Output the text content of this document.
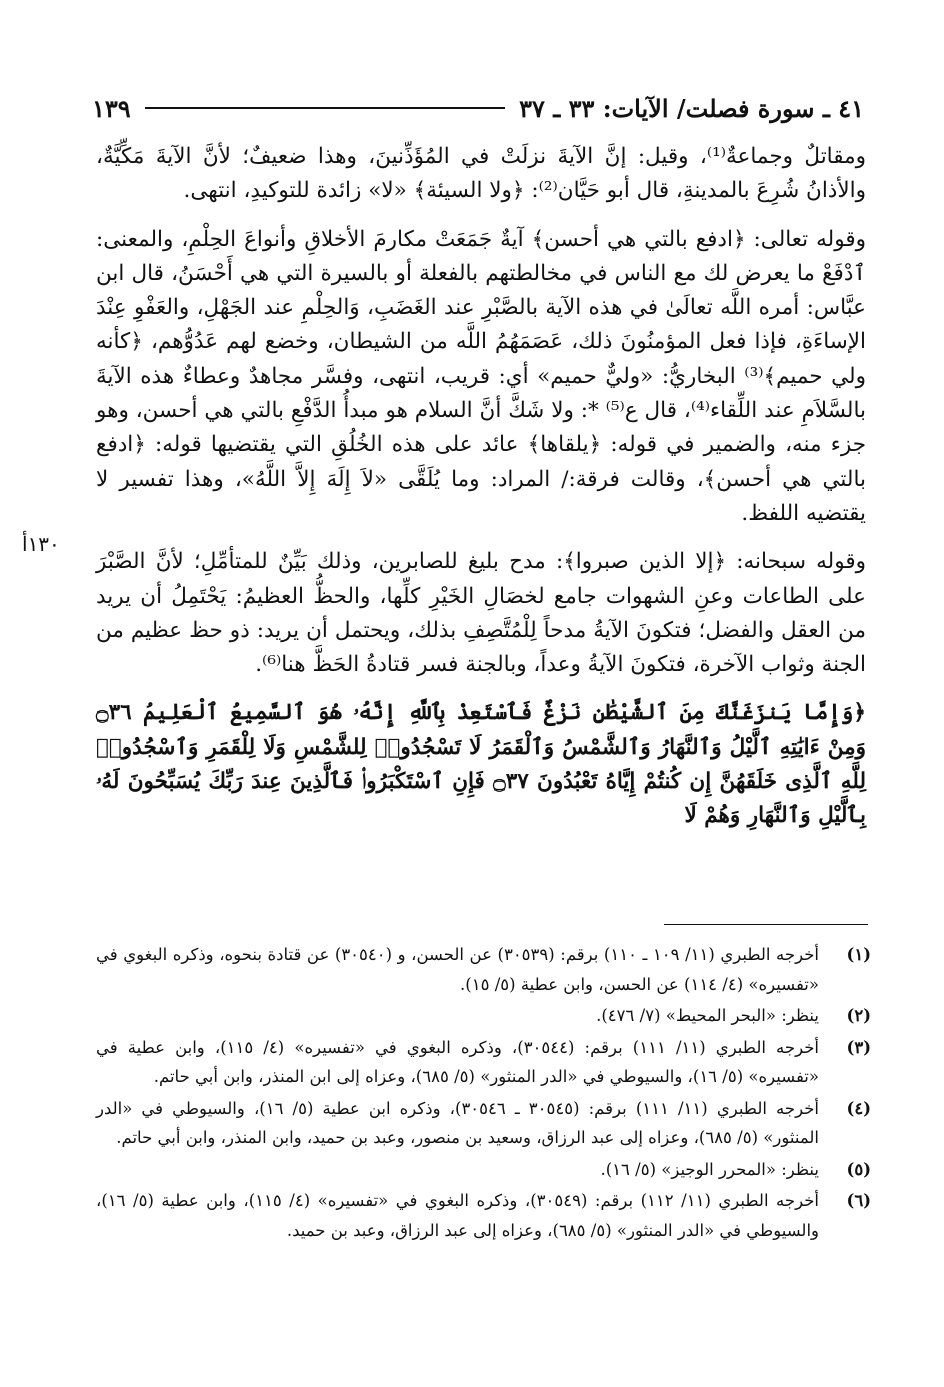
٤١ ـ سورة فصلت/ الآيات: ٣٣ ـ ٣٧
١٣٩

ومقاتلٌ وجماعةٌ⁽¹⁾، وقيل: إنَّ الآيةَ نزلَتْ في المُؤَذِّنينَ، وهذا ضعيفٌ؛ لأنَّ الآيةَ مَكِّيَّةٌ، والأذانُ شُرِعَ بالمدينةِ، قال أبو حَيَّان⁽²⁾: ﴿ولا السيئة﴾ «لا» زائدة للتوكيدِ، انتهى.

وقوله تعالى: ﴿ادفع بالتي هي أحسن﴾ آيةٌ جَمَعَتْ مكارمَ الأخلاقِ وأنواعَ الحِلْمِ، والمعنى: ٱدْفَعْ ما يعرض لك مع الناس في مخالطتهم بالفعلة أو بالسيرة التي هي أَحْسَنُ، قال ابن عبَّاس: أمره اللَّه تعالَىٰ في هذه الآية بالصَّبْرِ عند الغَضَبِ، وَالحِلْمِ عند الجَهْلِ، والعَفْوِ عِنْدَ الإساءَةِ، فإذا فعل المؤمنُونَ ذلك، عَصَمَهُمُ اللَّه من الشيطان، وخضع لهم عَدُوُّهم، ﴿كأنه ولي حميم﴾⁽³⁾ البخاريُّ: «وليٌّ حميم» أي: قريب، انتهى، وفسَّر مجاهدٌ وعطاءٌ هذه الآيةَ بالسَّلاَمِ عند اللِّقاء⁽⁴⁾، قال ع⁽⁵⁾ *: ولا شَكَّ أنَّ السلام هو مبدأُ الدَّفْعِ بالتي هي أحسن، وهو جزء منه، والضمير في قوله: ﴿يلقاها﴾ عائد على هذه الخُلُقِ التي يقتضيها قوله: ﴿ادفع بالتي هي أحسن﴾، وقالت فرقة:/ المراد: وما يُلَقَّى «لاَ إِلَهَ إِلاَّ اللَّهُ»، وهذا تفسير لا يقتضيه اللفظ.

وقوله سبحانه: ﴿إلا الذين صبروا﴾: مدح بليغ للصابرين، وذلك بَيِّنٌ للمتأمِّلِ؛ لأنَّ الصَّبْرَ على الطاعات وعنِ الشهوات جامع لخصَالِ الخَيْرِ كلِّها، والحظُّ العظيمُ: يَحْتَمِلُ أن يريد من العقل والفضل؛ فتكونَ الآيةُ مدحاً لِلْمُتَّصِفِ بذلك، ويحتمل أن يريد: ذو حظ عظيم من الجنة وثواب الآخرة، فتكونَ الآيةُ وعداً، وبالجنة فسر قتادةُ الحَظَّ هنا⁽⁶⁾.

﴿وَإِمَّا يَنزَغَنَّكَ مِنَ ٱلشَّيْطَٰنِ نَزْغٌ فَٱسْتَعِذْ بِٱللَّهِ إِنَّهُۥ هُوَ ٱلسَّمِيعُ ٱلْعَلِيمُ ۝٣٦ وَمِنْ ءَايَٰتِهِ ٱلَّيْلُ وَٱلنَّهَارُ وَٱلشَّمْسُ وَٱلْقَمَرُ لَا تَسْجُدُوا۟ لِلشَّمْسِ وَلَا لِلْقَمَرِ وَٱسْجُدُوا۟ لِلَّهِ ٱلَّذِى خَلَقَهُنَّ إِن كُنتُمْ إِيَّاهُ تَعْبُدُونَ ۝٣٧ فَإِنِ ٱسْتَكْبَرُوا۟ فَٱلَّذِينَ عِندَ رَبِّكَ يُسَبِّحُونَ لَهُۥ بِٱلَّيْلِ وَٱلنَّهَارِ وَهُمْ لَا

١٣٠أ
(١)
أخرجه الطبري (١١/ ١٠٩ ـ ١١٠) برقم: (٣٠٥٣٩) عن الحسن، و (٣٠٥٤٠) عن قتادة بنحوه، وذكره البغوي في «تفسيره» (٤/ ١١٤) عن الحسن، وابن عطية (٥/ ١٥).
(٢)
ينظر: «البحر المحيط» (٧/ ٤٧٦).
(٣)
أخرجه الطبري (١١/ ١١١) برقم: (٣٠٥٤٤)، وذكره البغوي في «تفسيره» (٤/ ١١٥)، وابن عطية في «تفسيره» (٥/ ١٦)، والسيوطي في «الدر المنثور» (٥/ ٦٨٥)، وعزاه إلى ابن المنذر، وابن أبي حاتم.
(٤)
أخرجه الطبري (١١/ ١١١) برقم: (٣٠٥٤٥ ـ ٣٠٥٤٦)، وذكره ابن عطية (٥/ ١٦)، والسيوطي في «الدر المنثور» (٥/ ٦٨٥)، وعزاه إلى عبد الرزاق، وسعيد بن منصور، وعبد بن حميد، وابن المنذر، وابن أبي حاتم.
(٥)
ينظر: «المحرر الوجيز» (٥/ ١٦).
(٦)
أخرجه الطبري (١١/ ١١٢) برقم: (٣٠٥٤٩)، وذكره البغوي في «تفسيره» (٤/ ١١٥)، وابن عطية (٥/ ١٦)، والسيوطي في «الدر المنثور» (٥/ ٦٨٥)، وعزاه إلى عبد الرزاق، وعبد بن حميد.
